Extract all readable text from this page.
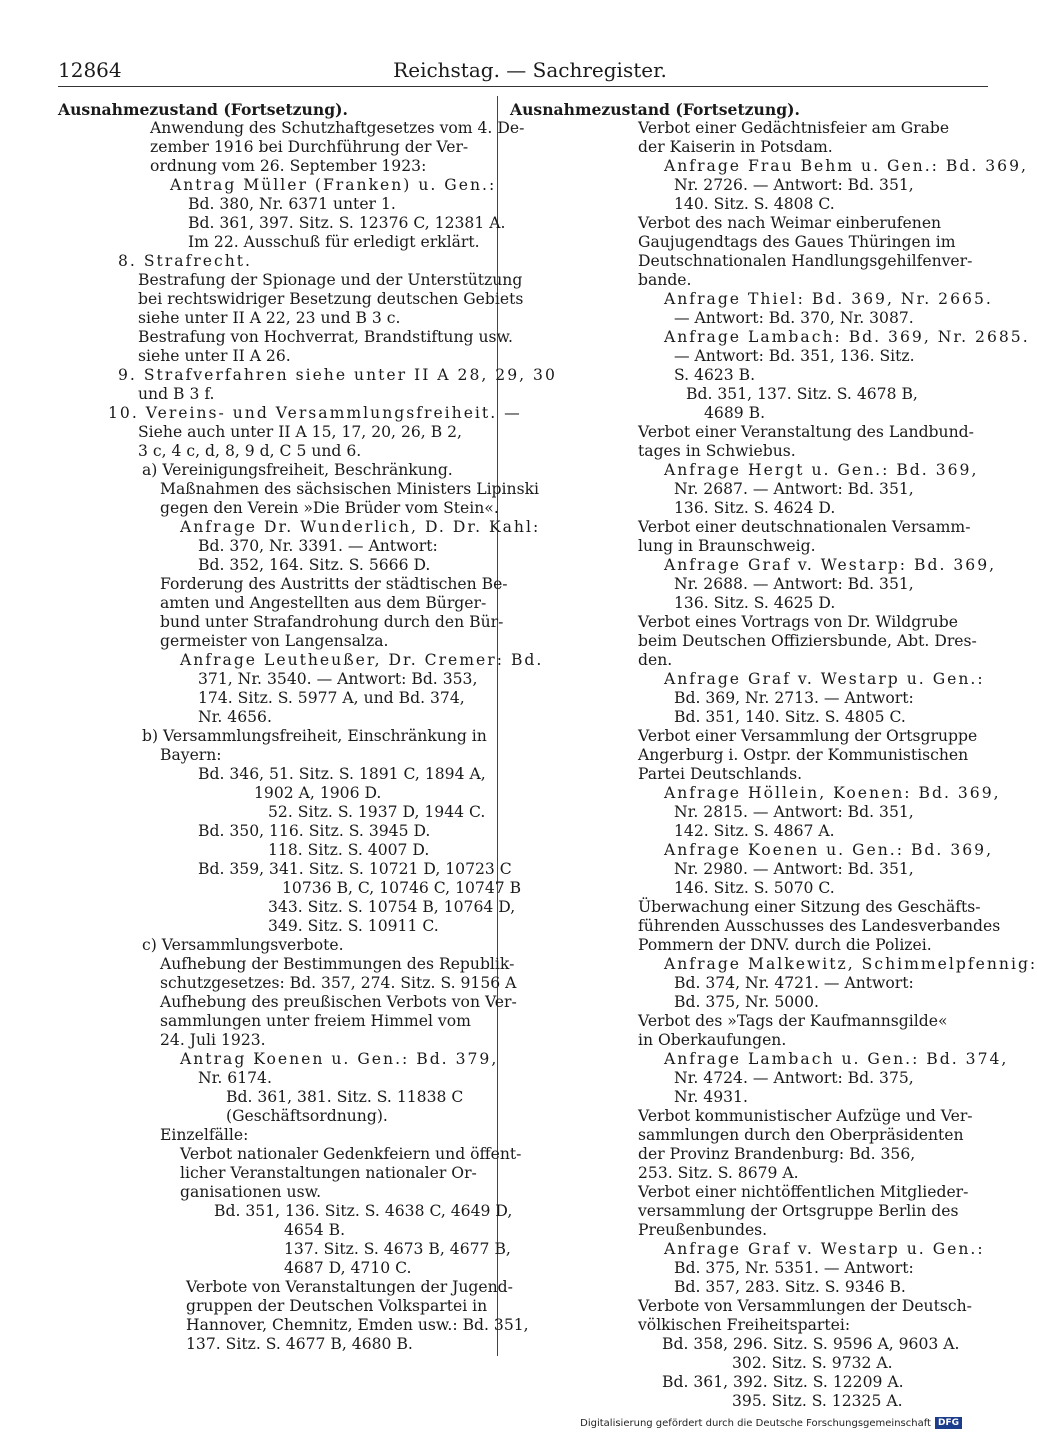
12864	Reichstag. — Sachregister.
Ausnahmezustand (Fortsetzung).
Anwendung des Schutzhaftgesetzes vom 4. De-
zember 1916 bei Durchführung der Ver-
ordnung vom 26. September 1923:
Antrag Müller (Franken) u. Gen.:
Bd. 380, Nr. 6371 unter 1.
Bd. 361, 397. Sitz. S. 12376 C, 12381 A.
Im 22. Ausschuß für erledigt erklärt.
8. Strafrecht.
Bestrafung der Spionage und der Unterstützung
bei rechtswidriger Besetzung deutschen Gebiets
siehe unter II A 22, 23 und B 3 c.
Bestrafung von Hochverrat, Brandstiftung usw.
siehe unter II A 26.
9. Strafverfahren siehe unter II A 28, 29, 30
und B 3 f.
10. Vereins- und Versammlungsfreiheit. —
Siehe auch unter II A 15, 17, 20, 26, B 2,
3 c, 4 c, d, 8, 9 d, C 5 und 6.
a) Vereinigungsfreiheit, Beschränkung.
Maßnahmen des sächsischen Ministers Lipinski
gegen den Verein »Die Brüder vom Stein«.
Anfrage Dr. Wunderlich, D. Dr. Kahl:
Bd. 370, Nr. 3391. — Antwort:
Bd. 352, 164. Sitz. S. 5666 D.
Forderung des Austritts der städtischen Be-
amten und Angestellten aus dem Bürger-
bund unter Strafandrohung durch den Bür-
germeister von Langensalza.
Anfrage Leutheußer, Dr. Cremer: Bd.
371, Nr. 3540. — Antwort: Bd. 353,
174. Sitz. S. 5977 A, und Bd. 374,
Nr. 4656.
b) Versammlungsfreiheit, Einschränkung in
Bayern:
Bd. 346, 51. Sitz. S. 1891 C, 1894 A,
1902 A, 1906 D.
52. Sitz. S. 1937 D, 1944 C.
Bd. 350, 116. Sitz. S. 3945 D.
118. Sitz. S. 4007 D.
Bd. 359, 341. Sitz. S. 10721 D, 10723 C
10736 B, C, 10746 C, 10747 B
343. Sitz. S. 10754 B, 10764 D,
349. Sitz. S. 10911 C.
c) Versammlungsverbote.
Aufhebung der Bestimmungen des Republik-
schutzgesetzes: Bd. 357, 274. Sitz. S. 9156 A
Aufhebung des preußischen Verbots von Ver-
sammlungen unter freiem Himmel vom
24. Juli 1923.
Antrag Koenen u. Gen.: Bd. 379,
Nr. 6174.
Bd. 361, 381. Sitz. S. 11838 C
(Geschäftsordnung).
Einzelfälle:
Verbot nationaler Gedenkfeiern und öffent-
licher Veranstaltungen nationaler Or-
ganisationen usw.
Bd. 351, 136. Sitz. S. 4638 C, 4649 D,
4654 B.
137. Sitz. S. 4673 B, 4677 B,
4687 D, 4710 C.
Verbote von Veranstaltungen der Jugend-
gruppen der Deutschen Volkspartei in
Hannover, Chemnitz, Emden usw.: Bd. 351,
137. Sitz. S. 4677 B, 4680 B.
Ausnahmezustand (Fortsetzung).
Verbot einer Gedächtnisfeier am Grabe
der Kaiserin in Potsdam.
Anfrage Frau Behm u. Gen.: Bd. 369,
Nr. 2726. — Antwort: Bd. 351,
140. Sitz. S. 4808 C.
Verbot des nach Weimar einberufenen
Gaujugendtags des Gaues Thüringen im
Deutschnationalen Handlungsgehilfenver-
bande.
Anfrage Thiel: Bd. 369, Nr. 2665.
— Antwort: Bd. 370, Nr. 3087.
Anfrage Lambach: Bd. 369, Nr. 2685.
— Antwort: Bd. 351, 136. Sitz.
S. 4623 B.
Bd. 351, 137. Sitz. S. 4678 B,
4689 B.
Verbot einer Veranstaltung des Landbund-
tages in Schwiebus.
Anfrage Hergt u. Gen.: Bd. 369,
Nr. 2687. — Antwort: Bd. 351,
136. Sitz. S. 4624 D.
Verbot einer deutschnationalen Versamm-
lung in Braunschweig.
Anfrage Graf v. Westarp: Bd. 369,
Nr. 2688. — Antwort: Bd. 351,
136. Sitz. S. 4625 D.
Verbot eines Vortrags von Dr. Wildgrube
beim Deutschen Offiziersbunde, Abt. Dres-
den.
Anfrage Graf v. Westarp u. Gen.:
Bd. 369, Nr. 2713. — Antwort:
Bd. 351, 140. Sitz. S. 4805 C.
Verbot einer Versammlung der Ortsgruppe
Angerburg i. Ostpr. der Kommunistischen
Partei Deutschlands.
Anfrage Höllein, Koenen: Bd. 369,
Nr. 2815. — Antwort: Bd. 351,
142. Sitz. S. 4867 A.
Anfrage Koenen u. Gen.: Bd. 369,
Nr. 2980. — Antwort: Bd. 351,
146. Sitz. S. 5070 C.
Überwachung einer Sitzung des Geschäfts-
führenden Ausschusses des Landesverbandes
Pommern der DNV. durch die Polizei.
Anfrage Malkewitz, Schimmelpfennig:
Bd. 374, Nr. 4721. — Antwort:
Bd. 375, Nr. 5000.
Verbot des »Tags der Kaufmannsgilde«
in Oberkaufungen.
Anfrage Lambach u. Gen.: Bd. 374,
Nr. 4724. — Antwort: Bd. 375,
Nr. 4931.
Verbot kommunistischer Aufzüge und Ver-
sammlungen durch den Oberpräsidenten
der Provinz Brandenburg: Bd. 356,
253. Sitz. S. 8679 A.
Verbot einer nichtöffentlichen Mitglieder-
versammlung der Ortsgruppe Berlin des
Preußenbundes.
Anfrage Graf v. Westarp u. Gen.:
Bd. 375, Nr. 5351. — Antwort:
Bd. 357, 283. Sitz. S. 9346 B.
Verbote von Versammlungen der Deutsch-
völkischen Freiheitspartei:
Bd. 358, 296. Sitz. S. 9596 A, 9603 A.
302. Sitz. S. 9732 A.
Bd. 361, 392. Sitz. S. 12209 A.
395. Sitz. S. 12325 A.
Digitalisierung gefördert durch die Deutsche Forschungsgemeinschaft DFG
